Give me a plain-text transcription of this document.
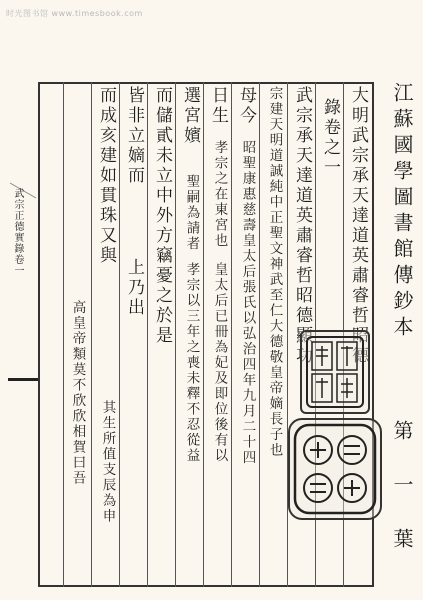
时光图书馆 www.timesbook.com
武宗正德實錄卷一	江蘇國學圖書館傳鈔本
第一葉
大明武宗承天達道英肅睿哲昭德
錄卷之一
武宗承天達道英肅睿哲昭德顯功
宗建天明道誠純中正聖文神武至仁大德敬皇帝嫡長子也
母今
昭聖康惠慈壽皇太后張氏以弘治四年九月二十四
日生
孝宗之在東宮也
皇太后已冊為妃及即位後有以
選宮嬪
聖嗣為請者
孝宗以三年之喪未釋不忍從益
而儲貳未立中外方竊憂之於是
皆非立嫡而
上乃出
而成亥建如貫珠又與
其生所值支辰為申
高皇帝類莫不欣欣相賀曰吾
